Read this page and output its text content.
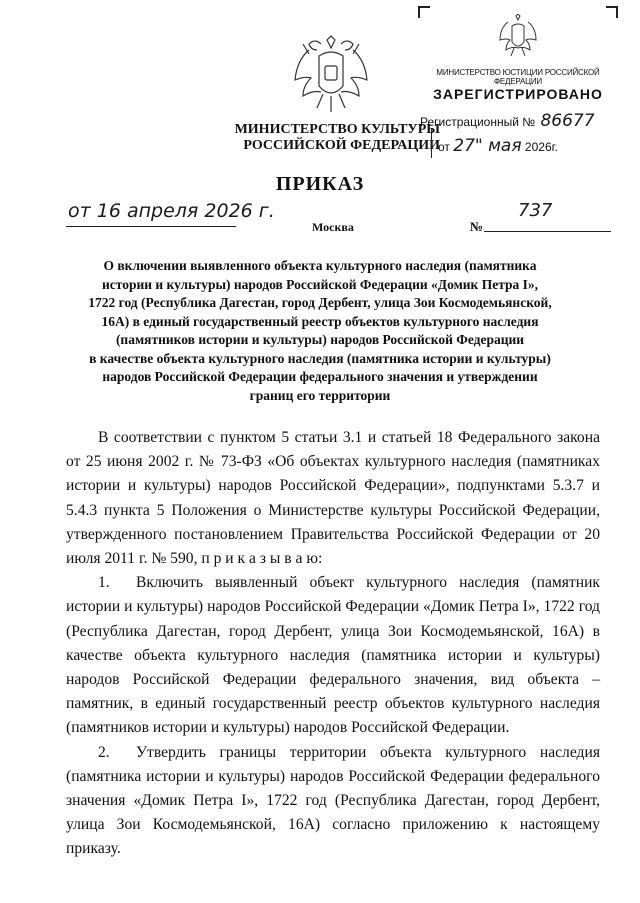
МИНИСТЕРСТВО КУЛЬТУРЫ
РОССИЙСКОЙ ФЕДЕРАЦИИ
МИНИСТЕРСТВО ЮСТИЦИИ РОССИЙСКОЙ ФЕДЕРАЦИИ
ЗАРЕГИСТРИРОВАНО
Регистрационный № 86677
от 27" мая 2026г.
ПРИКАЗ
от 16 апреля 2026 г.
Москва	№
737

О включении выявленного объекта культурного наследия (памятника

истории и культуры) народов Российской Федерации «Домик Петра I»,

1722 год (Республика Дагестан, город Дербент, улица Зои Космодемьянской,

16А) в единый государственный реестр объектов культурного наследия

(памятников истории и культуры) народов Российской Федерации

в качестве объекта культурного наследия (памятника истории и культуры)

народов Российской Федерации федерального значения и утверждении

границ его территории

В соответствии с пунктом 5 статьи 3.1 и статьей 18 Федерального закона от 25 июня 2002 г. № 73-ФЗ «Об объектах культурного наследия (памятниках истории и культуры) народов Российской Федерации», подпунктами 5.3.7 и 5.4.3 пункта 5 Положения о Министерстве культуры Российской Федерации, утвержденного постановлением Правительства Российской Федерации от 20 июля 2011 г. № 590, п р и к а з ы в а ю:

1. Включить выявленный объект культурного наследия (памятник истории и культуры) народов Российской Федерации «Домик Петра I», 1722 год (Республика Дагестан, город Дербент, улица Зои Космодемьянской, 16А) в качестве объекта культурного наследия (памятника истории и культуры) народов Российской Федерации федерального значения, вид объекта – памятник, в единый государственный реестр объектов культурного наследия (памятников истории и культуры) народов Российской Федерации.

2. Утвердить границы территории объекта культурного наследия (памятника истории и культуры) народов Российской Федерации федерального значения «Домик Петра I», 1722 год (Республика Дагестан, город Дербент, улица Зои Космодемьянской, 16А) согласно приложению к настоящему приказу.
